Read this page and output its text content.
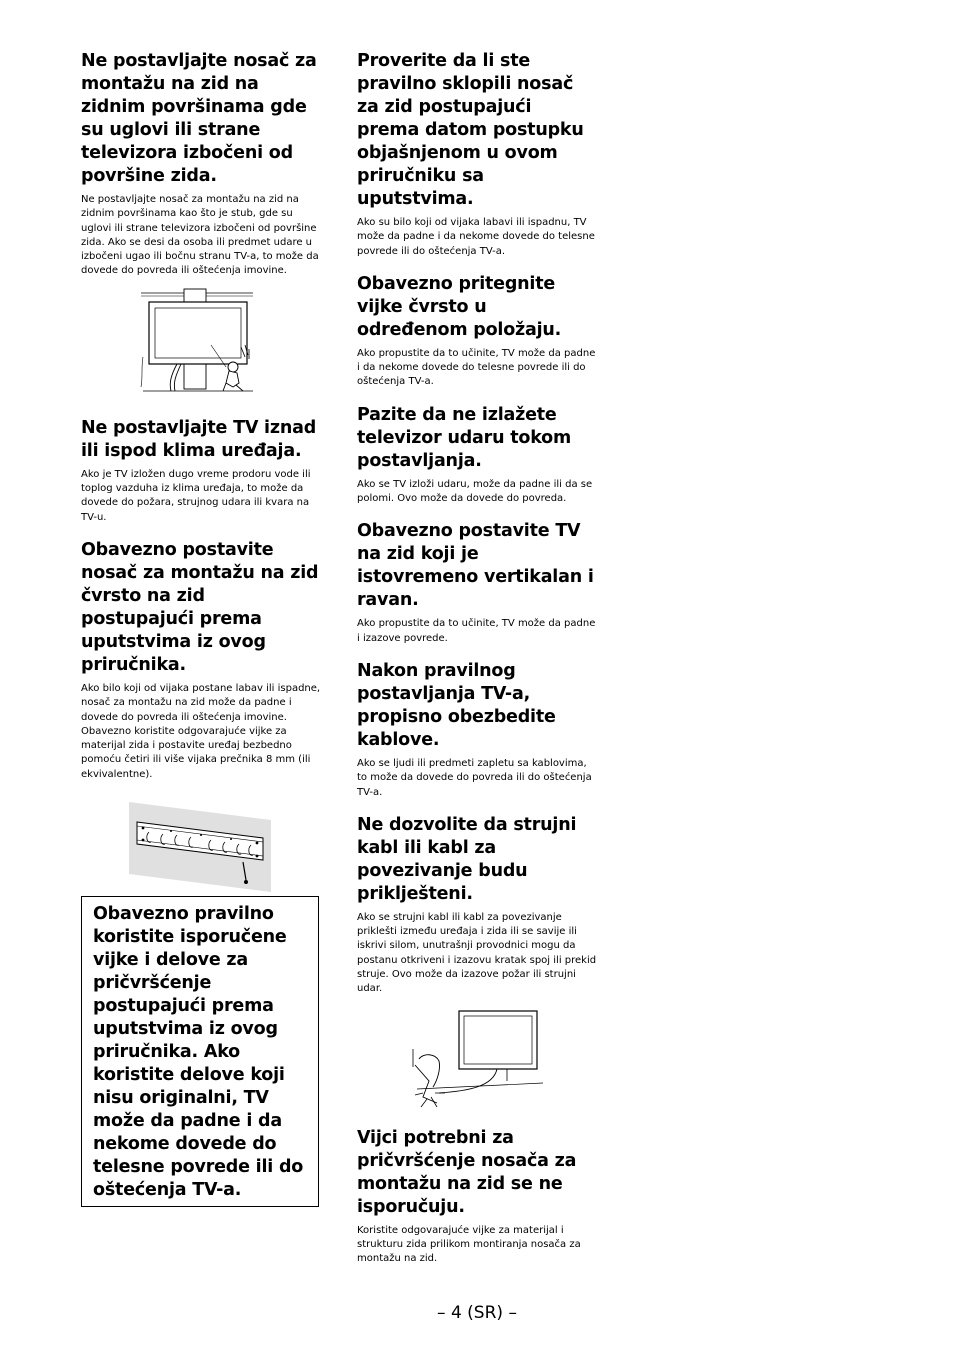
Ne postavljajte nosač za montažu na zid na zidnim površinama gde su uglovi ili strane televizora izbočeni od površine zida.

Ne postavljajte nosač za montažu na zid na zidnim površinama kao što je stub, gde su uglovi ili strane televizora izbočeni od površine zida. Ako se desi da osoba ili predmet udare u izbočeni ugao ili bočnu stranu TV-a, to može da dovede do povreda ili oštećenja imovine.

Ne postavljajte TV iznad ili ispod klima uređaja.

Ako je TV izložen dugo vreme prodoru vode ili toplog vazduha iz klima uređaja, to može da dovede do požara, strujnog udara ili kvara na TV-u.

Obavezno postavite nosač za montažu na zid čvrsto na zid postupajući prema uputstvima iz ovog priručnika.

Ako bilo koji od vijaka postane labav ili ispadne, nosač za montažu na zid može da padne i dovede do povreda ili oštećenja imovine. Obavezno koristite odgovarajuće vijke za materijal zida i postavite uređaj bezbedno pomoću četiri ili više vijaka prečnika 8 mm (ili ekvivalentne).

Obavezno pravilno koristite isporučene vijke i delove za pričvršćenje postupajući prema uputstvima iz ovog priručnika. Ako koristite delove koji nisu originalni, TV može da padne i da nekome dovede do telesne povrede ili do oštećenja TV-a.

Proverite da li ste pravilno sklopili nosač za zid postupajući prema datom postupku objašnjenom u ovom priručniku sa uputstvima.

Ako su bilo koji od vijaka labavi ili ispadnu, TV može da padne i da nekome dovede do telesne povrede ili do oštećenja TV-a.

Obavezno pritegnite vijke čvrsto u određenom položaju.

Ako propustite da to učinite, TV može da padne i da nekome dovede do telesne povrede ili do oštećenja TV-a.

Pazite da ne izlažete televizor udaru tokom postavljanja.

Ako se TV izloži udaru, može da padne ili da se polomi. Ovo može da dovede do povreda.

Obavezno postavite TV na zid koji je istovremeno vertikalan i ravan.

Ako propustite da to učinite, TV može da padne i izazove povrede.

Nakon pravilnog postavljanja TV-a, propisno obezbedite kablove.

Ako se ljudi ili predmeti zapletu sa kablovima, to može da dovede do povreda ili do oštećenja TV-a.

Ne dozvolite da strujni kabl ili kabl za povezivanje budu priklješteni.

Ako se strujni kabl ili kabl za povezivanje priklešti između uređaja i zida ili se savije ili iskrivi silom, unutrašnji provodnici mogu da postanu otkriveni i izazovu kratak spoj ili prekid struje. Ovo može da izazove požar ili strujni udar.

Vijci potrebni za pričvršćenje nosača za montažu na zid se ne isporučuju.

Koristite odgovarajuće vijke za materijal i strukturu zida prilikom montiranja nosača za montažu na zid.

– 4 (SR) –
